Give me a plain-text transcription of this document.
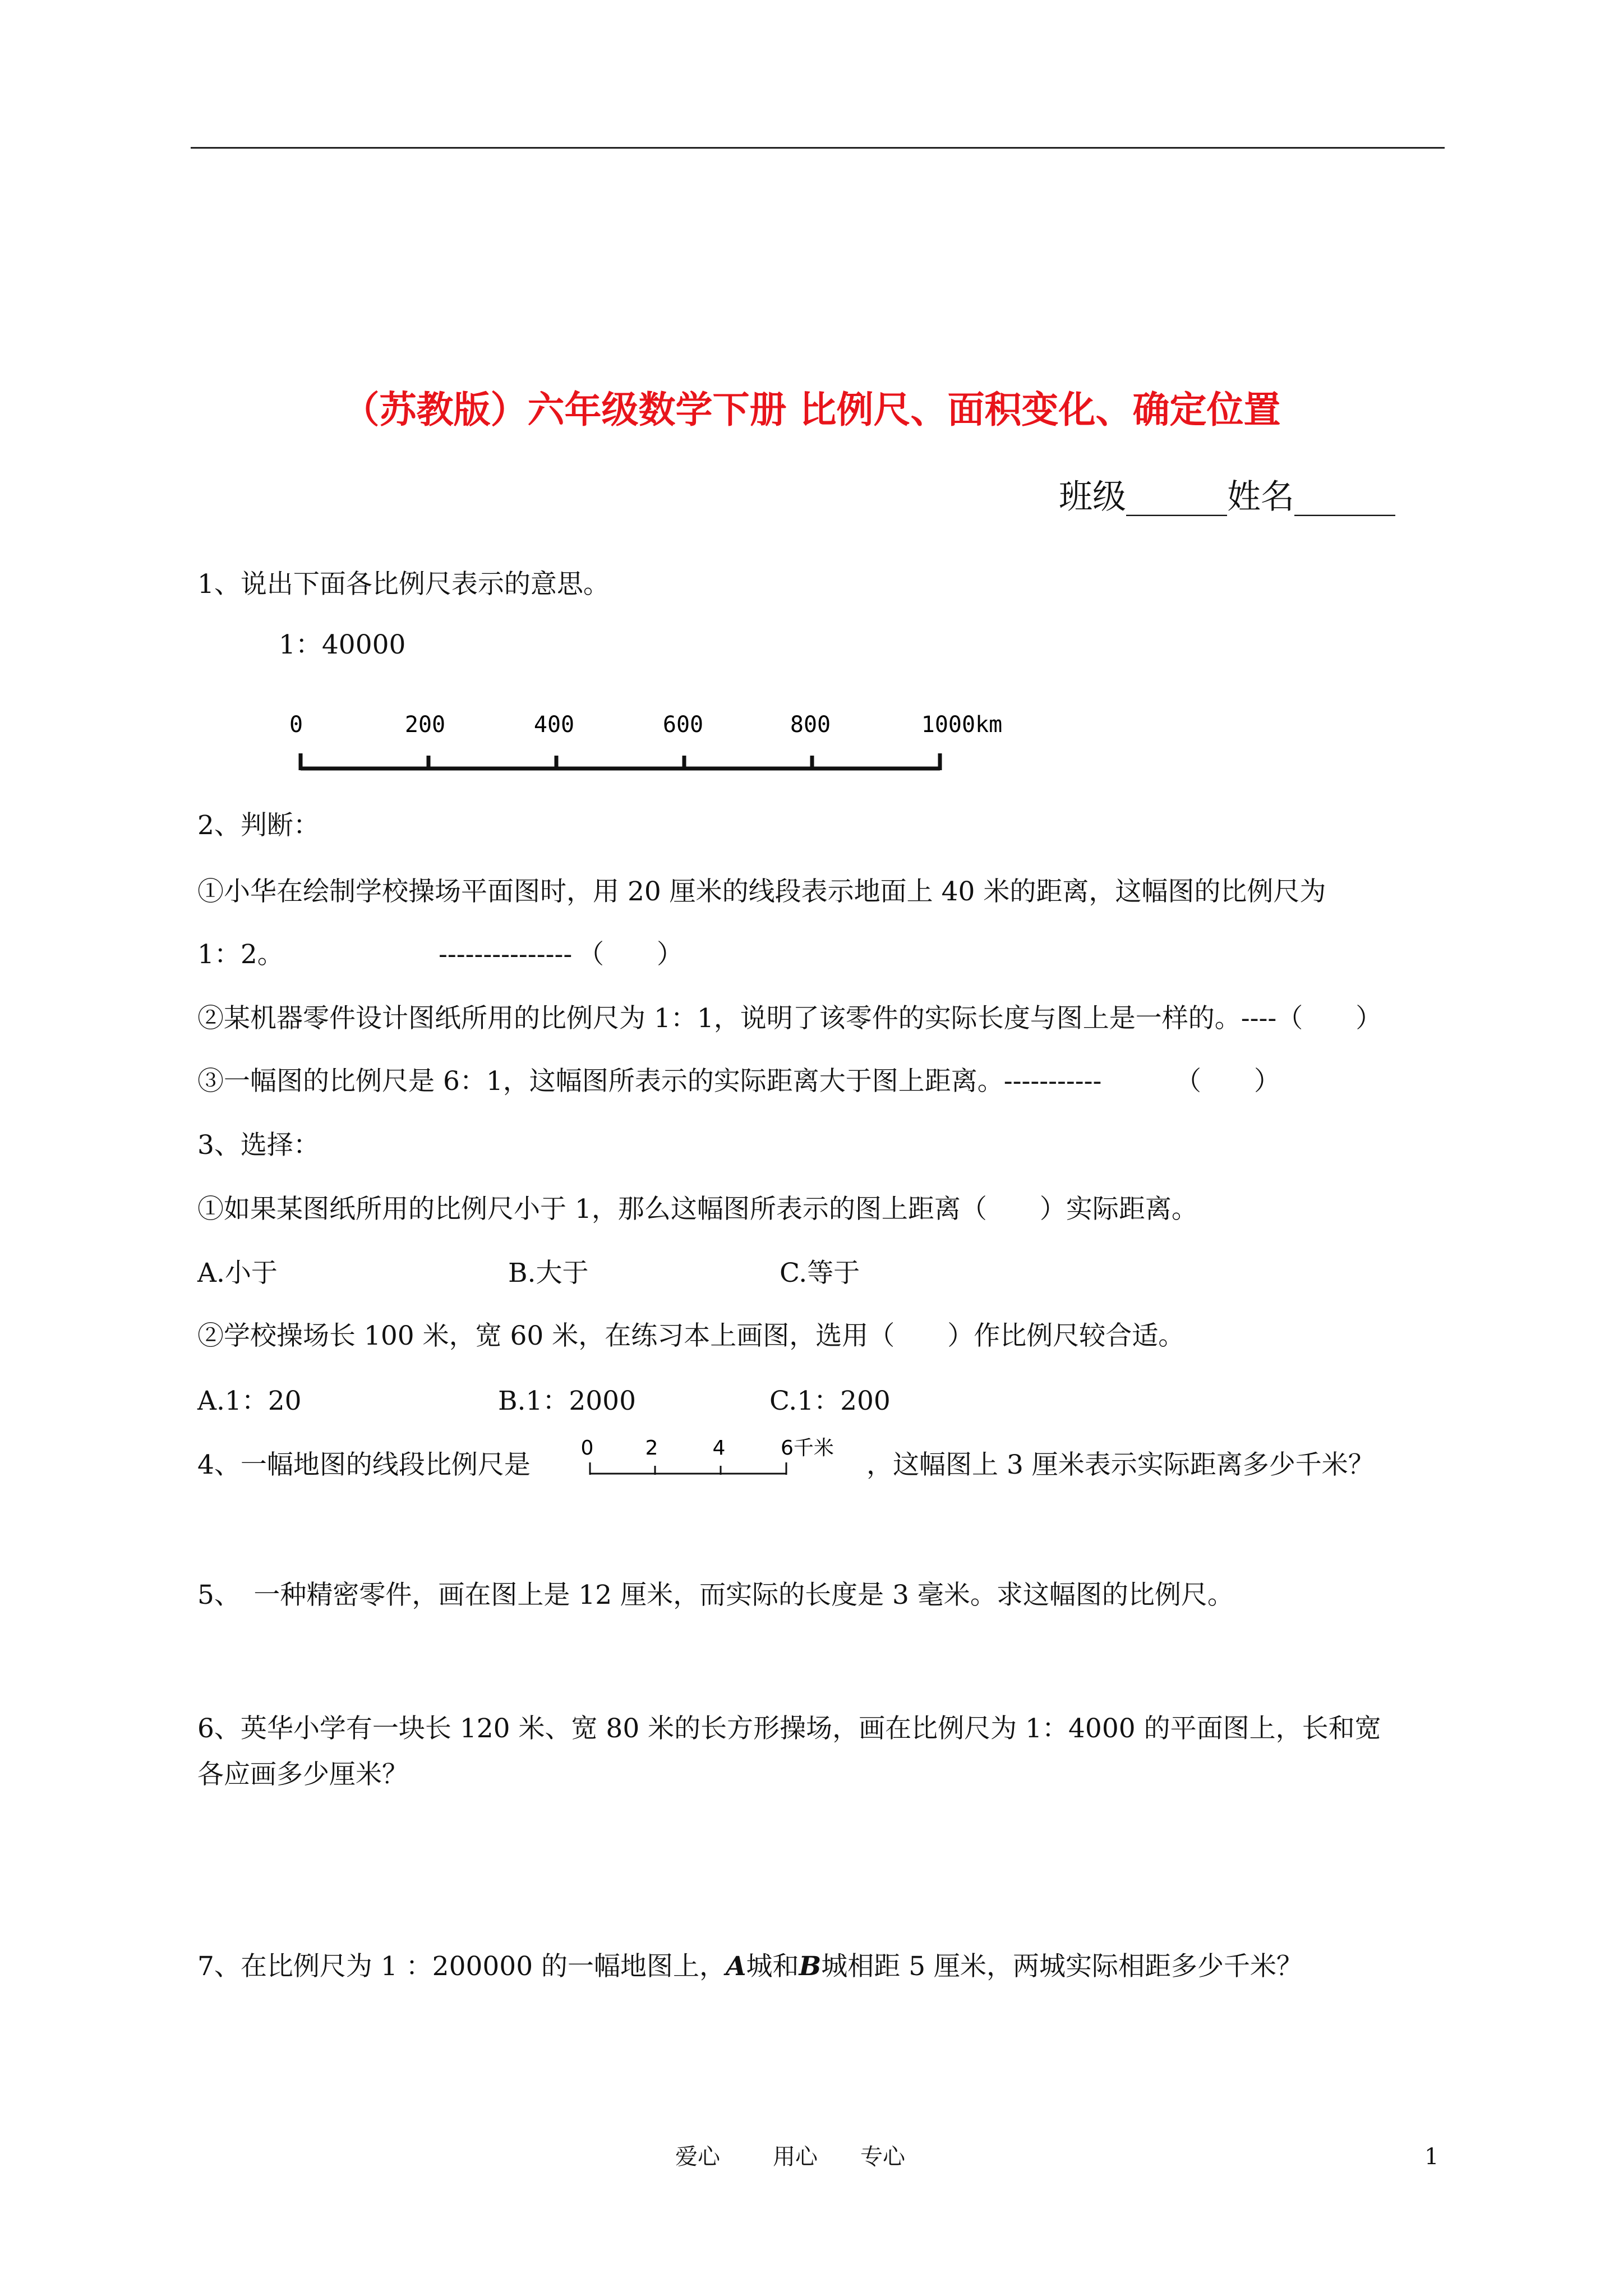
（苏教版）六年级数学下册 比例尺、面积变化、确定位置
班级______姓名______
1、说出下面各比例尺表示的意思。
1：40000
0	200	400	600	800	1000km
2、判断：
①小华在绘制学校操场平面图时，用 20 厘米的线段表示地面上 40 米的距离，这幅图的比例尺为
1：2。	--------------- （　　）
②某机器零件设计图纸所用的比例尺为 1：1，说明了该零件的实际长度与图上是一样的。----（　　）
③一幅图的比例尺是 6：1，这幅图所表示的实际距离大于图上距离。-----------	（　　）
3、选择：
①如果某图纸所用的比例尺小于 1，那么这幅图所表示的图上距离（　　）实际距离。
A.小于	B.大于	C.等于
②学校操场长 100 米，宽 60 米，在练习本上画图，选用（　　）作比例尺较合适。
A.1：20	B.1：2000	C.1：200
4、一幅地图的线段比例尺是
0	2	4	6千米
，这幅图上 3 厘米表示实际距离多少千米？
5、　一种精密零件，画在图上是 12 厘米，而实际的长度是 3 毫米。求这幅图的比例尺。
6、英华小学有一块长 120 米、宽 80 米的长方形操场，画在比例尺为 1：4000 的平面图上，长和宽
各应画多少厘米？
7、在比例尺为 1 ：200000 的一幅地图上，A城和B城相距 5 厘米，两城实际相距多少千米？
爱心 用心 专心	1
